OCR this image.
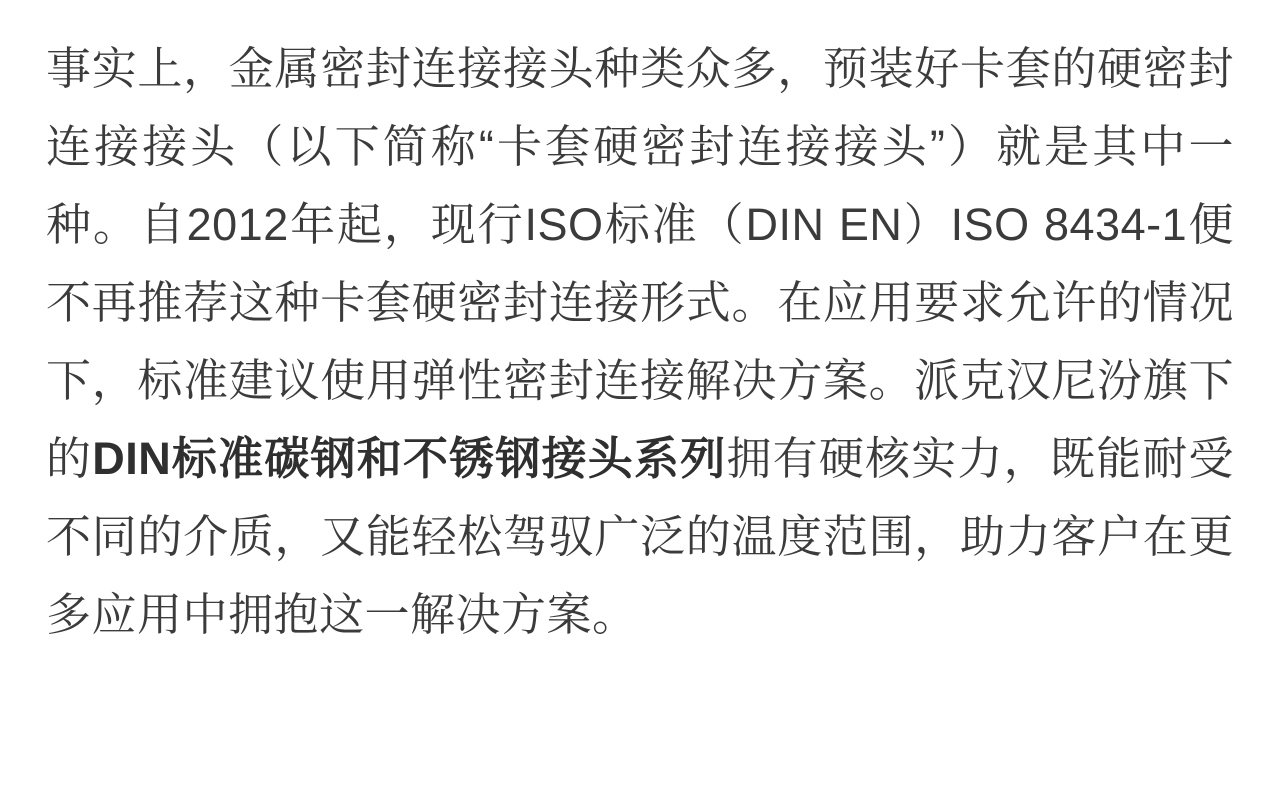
事实上，金属密封连接接头种类众多，预装好卡套的硬密封连接接头（以下简称“卡套硬密封连接接头”）就是其中一种。自2012年起，现行ISO标准（DIN EN）ISO 8434-1便不再推荐这种卡套硬密封连接形式。在应用要求允许的情况下，标准建议使用弹性密封连接解决方案。派克汉尼汾旗下的DIN标准碳钢和不锈钢接头系列拥有硬核实力，既能耐受不同的介质，又能轻松驾驭广泛的温度范围，助力客户在更多应用中拥抱这一解决方案。
